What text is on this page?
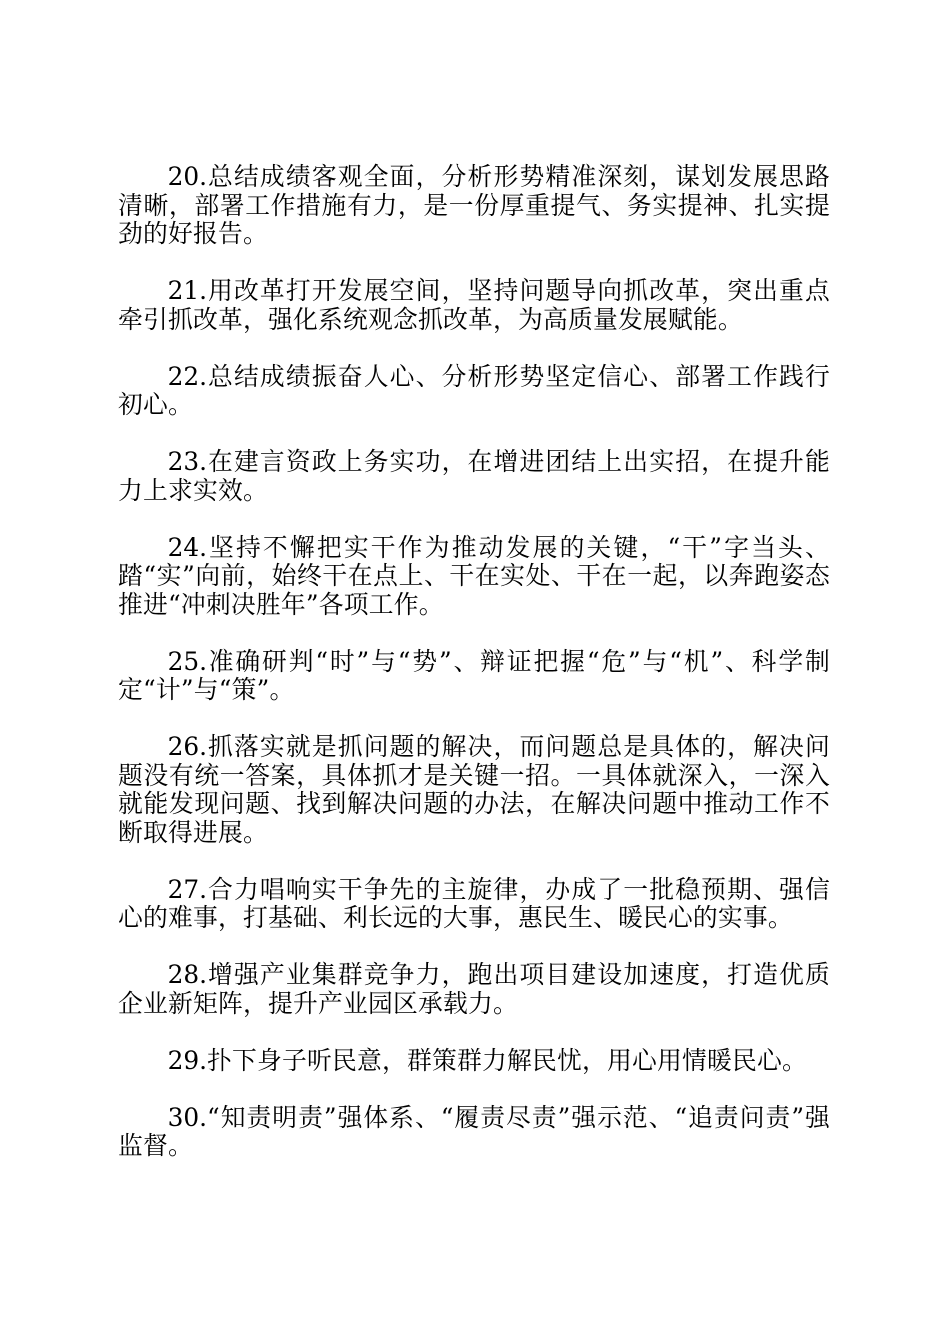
20.总结成绩客观全面，分析形势精准深刻，谋划发展思路清晰，部署工作措施有力，是一份厚重提气、务实提神、扎实提劲的好报告。

21.用改革打开发展空间，坚持问题导向抓改革，突出重点牵引抓改革，强化系统观念抓改革，为高质量发展赋能。

22.总结成绩振奋人心、分析形势坚定信心、部署工作践行初心。

23.在建言资政上务实功，在增进团结上出实招，在提升能力上求实效。

24.坚持不懈把实干作为推动发展的关键，“干”字当头、踏“实”向前，始终干在点上、干在实处、干在一起，以奔跑姿态推进“冲刺决胜年”各项工作。

25.准确研判“时”与“势”、辩证把握“危”与“机”、科学制定“计”与“策”。

26.抓落实就是抓问题的解决，而问题总是具体的，解决问题没有统一答案，具体抓才是关键一招。一具体就深入，一深入就能发现问题、找到解决问题的办法，在解决问题中推动工作不断取得进展。

27.合力唱响实干争先的主旋律，办成了一批稳预期、强信心的难事，打基础、利长远的大事，惠民生、暖民心的实事。

28.增强产业集群竞争力，跑出项目建设加速度，打造优质企业新矩阵，提升产业园区承载力。

29.扑下身子听民意，群策群力解民忧，用心用情暖民心。

30.“知责明责”强体系、“履责尽责”强示范、“追责问责”强监督。
